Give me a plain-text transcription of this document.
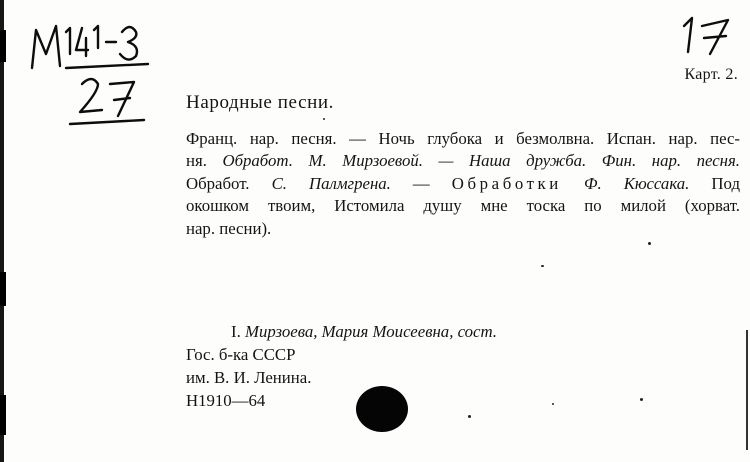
Карт. 2.
Народные песни.
Франц. нар. песня. — Ночь глубока и безмолвна. Испан. нар. пес-
ня. Обработ. М. Мирзоевой. — Наша дружба. Фин. нар. песня.
Обработ. С. Палмгрена. — Обработки Ф. Кюссака. Под
окошком твоим, Истомила душу мне тоска по милой (хорват.
нар. песни).
I. Мирзоева, Мария Моисеевна, сост.
Гос. б-ка СССР
им. В. И. Ленина.
Н1910—64
